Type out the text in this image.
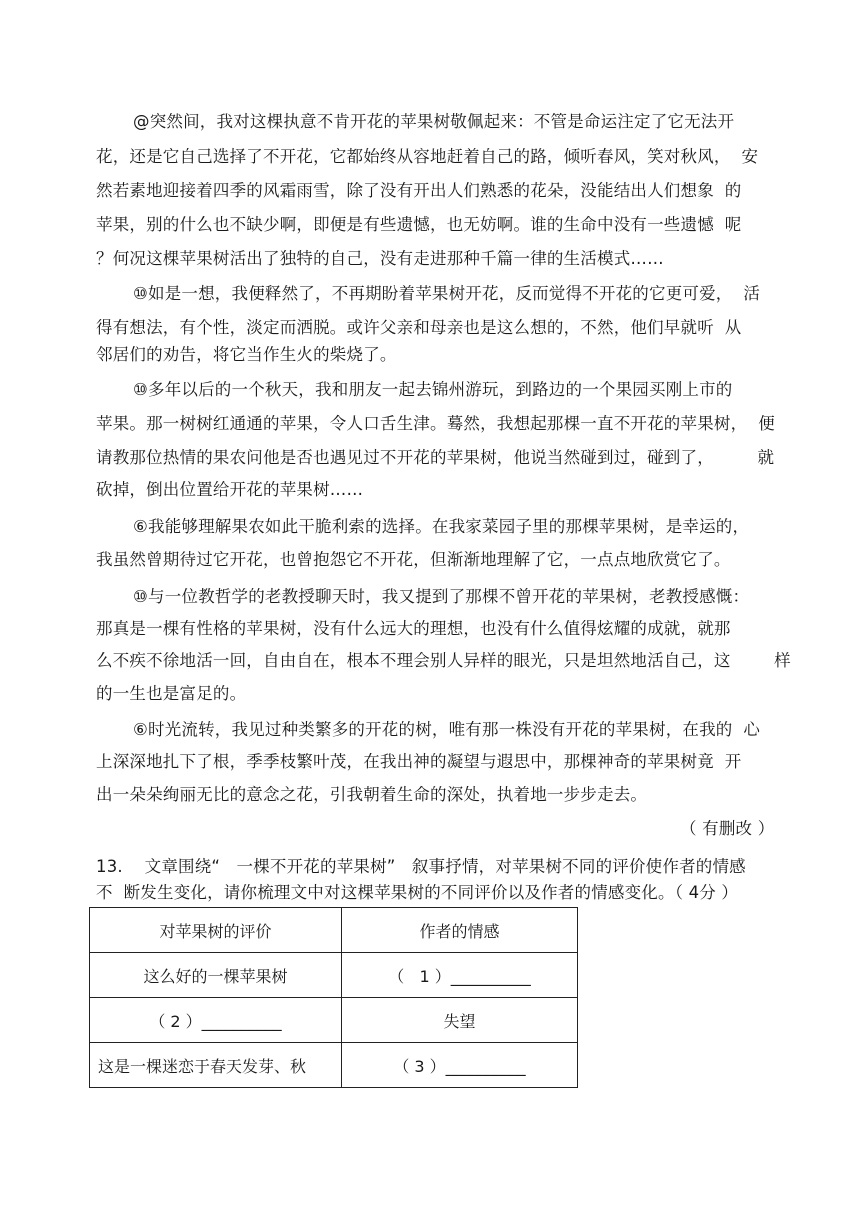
@突然间，我对这棵执意不肯开花的苹果树敬佩起来：不管是命运注定了它无法开
花，还是它自己选择了不开花，它都始终从容地赶着自己的路，倾听春风，笑对秋风，  安
然若素地迎接着四季的风霜雨雪，除了没有开出人们熟悉的花朵，没能结出人们想象  的
苹果，别的什么也不缺少啊，即便是有些遗憾，也无妨啊。谁的生命中没有一些遗憾  呢
？何况这棵苹果树活出了独特的自己，没有走进那种千篇一律的生活模式……
⑩如是一想，我便释然了，不再期盼着苹果树开花，反而觉得不开花的它更可爱，  活
得有想法，有个性，淡定而洒脱。或许父亲和母亲也是这么想的，不然，他们早就听  从
邻居们的劝告，将它当作生火的柴烧了。
⑩多年以后的一个秋天，我和朋友一起去锦州游玩，到路边的一个果园买刚上市的
苹果。那一树树红通通的苹果，令人口舌生津。蓦然，我想起那棵一直不开花的苹果树，  便
请教那位热情的果农问他是否也遇见过不开花的苹果树，他说当然碰到过，碰到了，        就
砍掉，倒出位置给开花的苹果树……
⑥我能够理解果农如此干脆利索的选择。在我家菜园子里的那棵苹果树，是幸运的，
我虽然曾期待过它开花，也曾抱怨它不开花，但渐渐地理解了它，一点点地欣赏它了。
⑩与一位教哲学的老教授聊天时，我又提到了那棵不曾开花的苹果树，老教授感慨：
那真是一棵有性格的苹果树，没有什么远大的理想，也没有什么值得炫耀的成就，就那
么不疾不徐地活一回，自由自在，根本不理会别人异样的眼光，只是坦然地活自己，这        样
的一生也是富足的。
⑥时光流转，我见过种类繁多的开花的树，唯有那一株没有开花的苹果树，在我的  心
上深深地扎下了根，季季枝繁叶茂，在我出神的凝望与遐思中，那棵神奇的苹果树竟  开
出一朵朵绚丽无比的意念之花，引我朝着生命的深处，执着地一步步走去。
（ 有删改 ）
13.    文章围绕“   一棵不开花的苹果树”   叙事抒情，对苹果树不同的评价使作者的情感
不  断发生变化，请你梳理文中对这棵苹果树的不同评价以及作者的情感变化。（ 4分 ）
对苹果树的评价	作者的情感
这么好的一棵苹果树	（   1 ）__________
（ 2 ）__________	失望
这是一棵迷恋于春天发芽、秋	（ 3 ）__________
